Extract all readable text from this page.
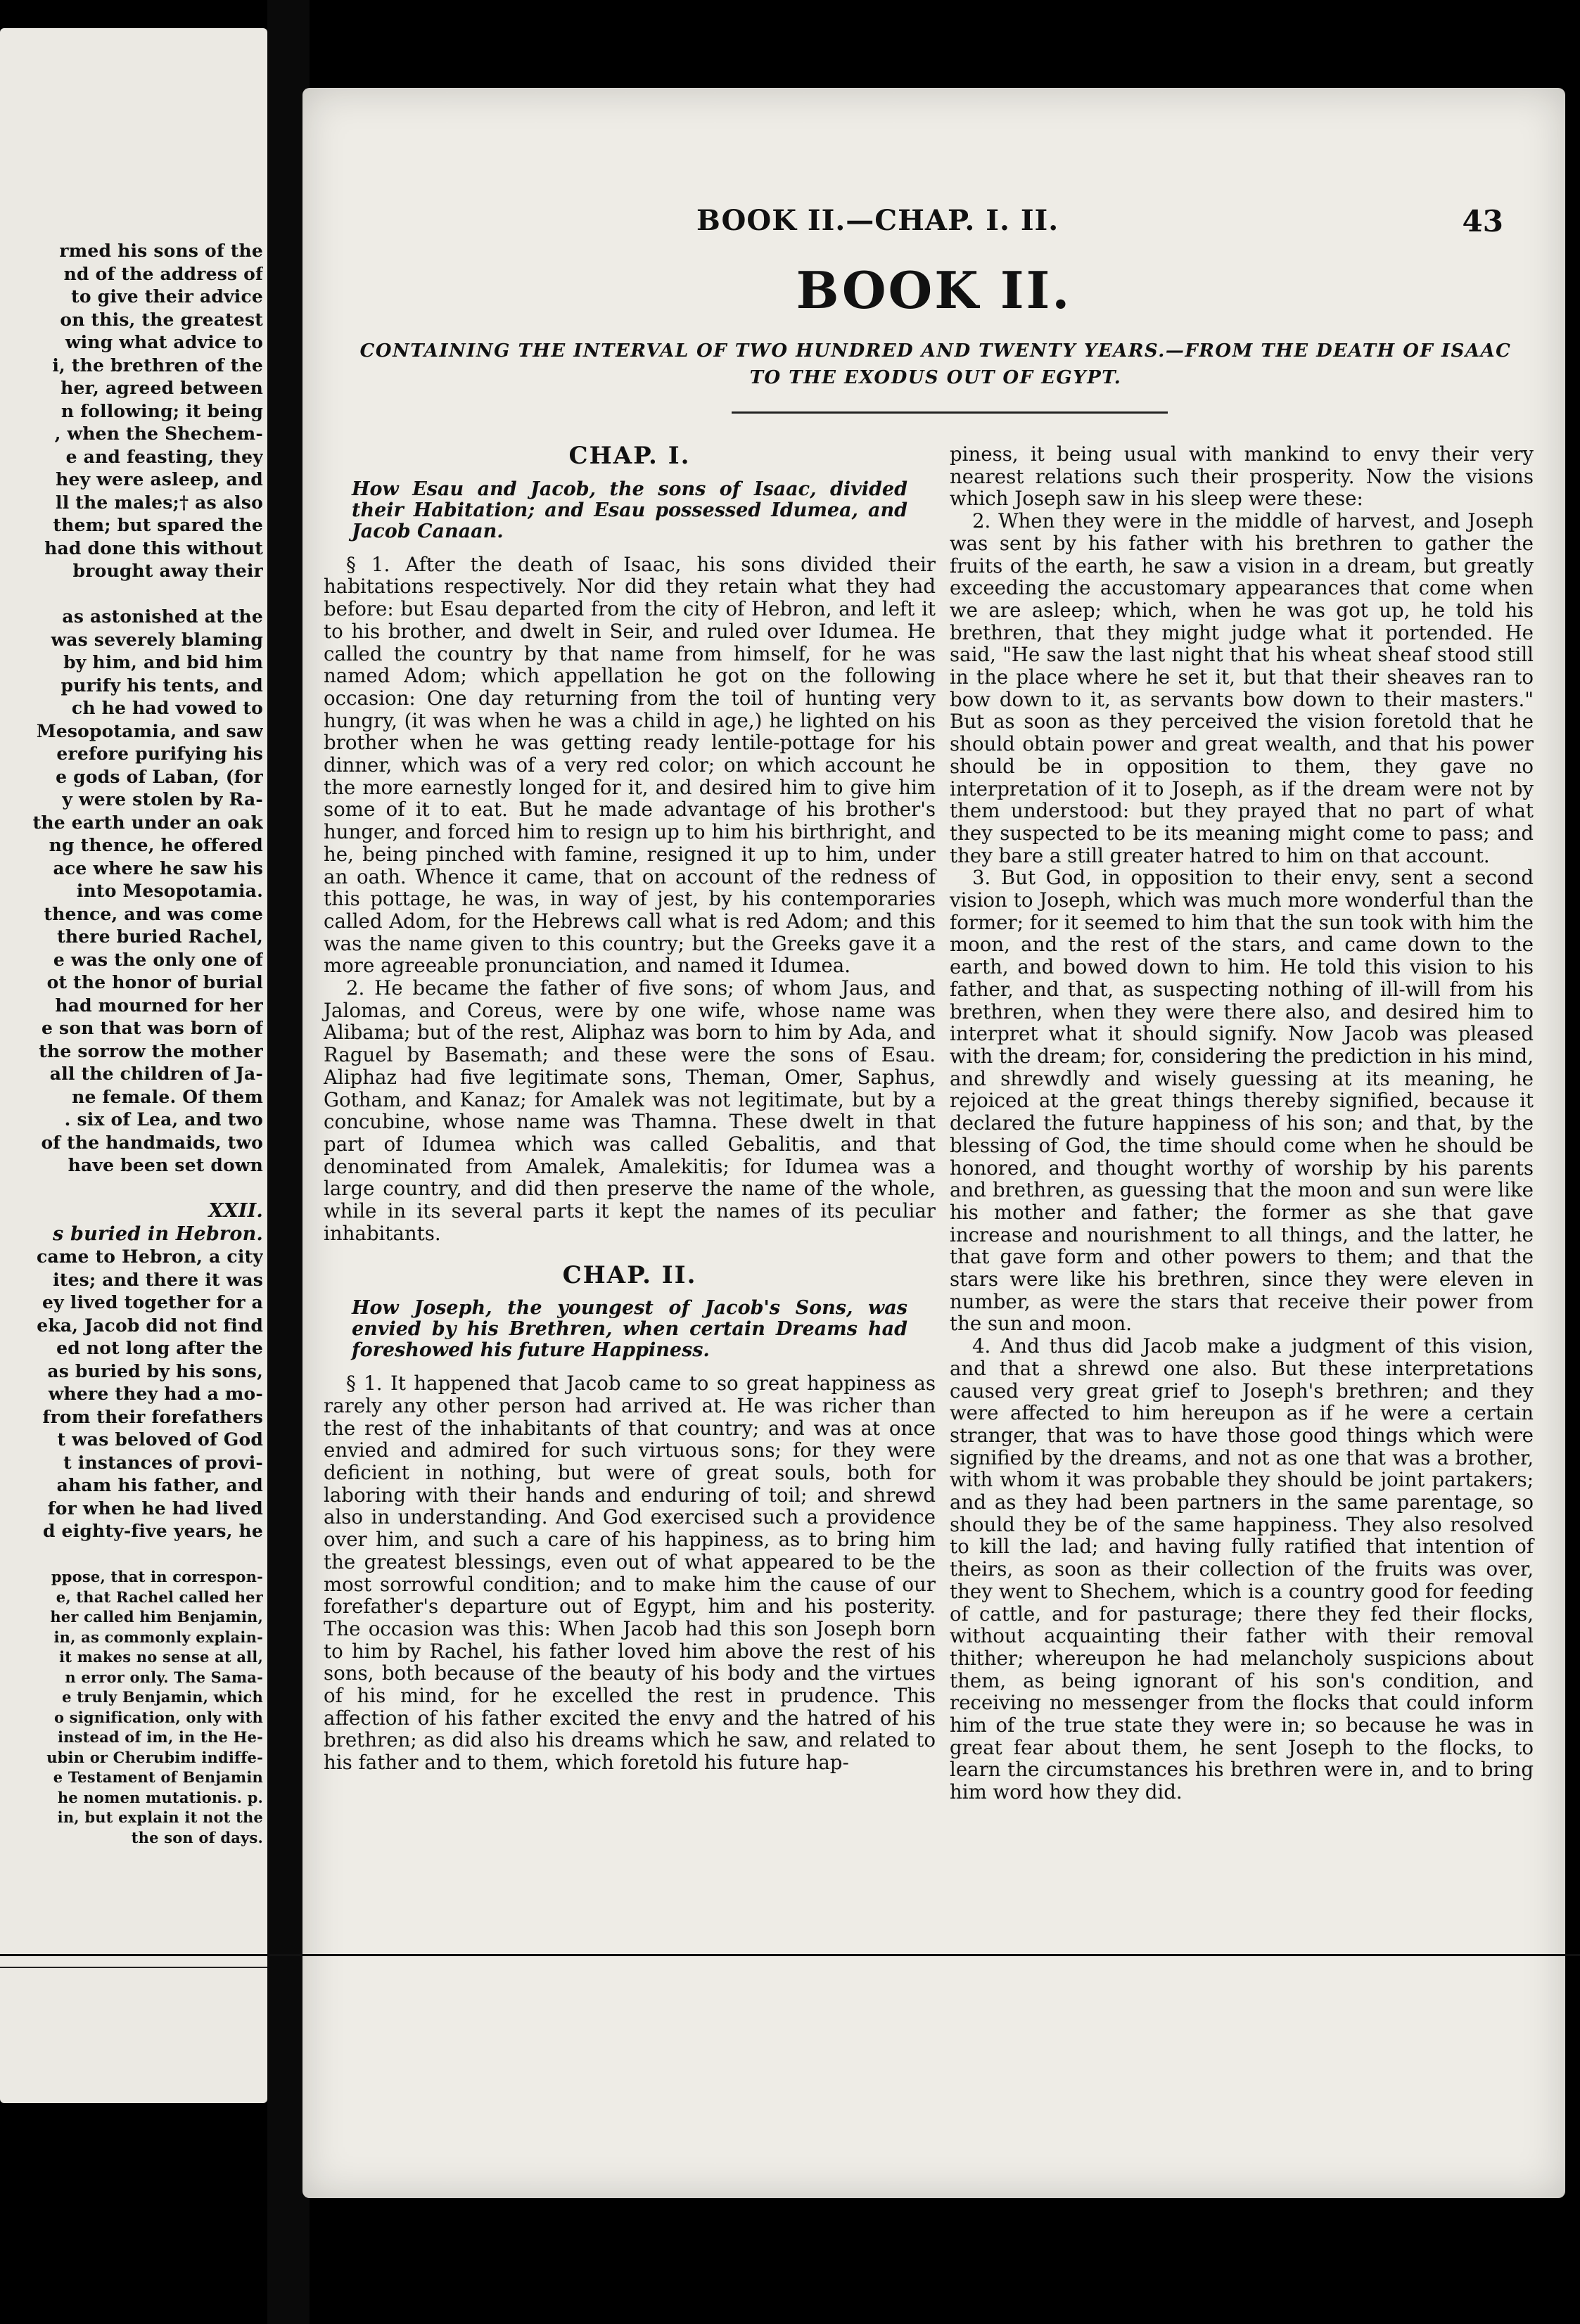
rmed his sons of the
nd of the address of
to give their advice
on this, the greatest
wing what advice to
i, the brethren of the
her, agreed between
n following; it being
, when the Shechem-
e and feasting, they
hey were asleep, and
ll the males;† as also
them; but spared the
had done this without
brought away their
as astonished at the
was severely blaming
by him, and bid him
purify his tents, and
ch he had vowed to
Mesopotamia, and saw
erefore purifying his
e gods of Laban, (for
y were stolen by Ra-
the earth under an oak
ng thence, he offered
ace where he saw his
into Mesopotamia.
thence, and was come
there buried Rachel,
e was the only one of
ot the honor of burial
had mourned for her
e son that was born of
the sorrow the mother
all the children of Ja-
ne female. Of them
. six of Lea, and two
of the handmaids, two
have been set down
XXII.
s buried in Hebron.
came to Hebron, a city
ites; and there it was
ey lived together for a
eka, Jacob did not find
ed not long after the
as buried by his sons,
where they had a mo-
from their forefathers
t was beloved of God
t instances of provi-
aham his father, and
for when he had lived
d eighty-five years, he
ppose, that in correspon-
e, that Rachel called her
her called him Benjamin,
in, as commonly explain-
it makes no sense at all,
n error only. The Sama-
e truly Benjamin, which
o signification, only with
instead of im, in the He-
ubin or Cherubim indiffe-
e Testament of Benjamin
he nomen mutationis. p.
in, but explain it not the
the son of days.
BOOK II.—CHAP. I. II.	43
BOOK II.
CONTAINING THE INTERVAL OF TWO HUNDRED AND TWENTY YEARS.—FROM THE DEATH OF ISAAC TO THE EXODUS OUT OF EGYPT.
CHAP. I.
How Esau and Jacob, the sons of Isaac, divided their Habitation; and Esau possessed Idumea, and Jacob Canaan.

§ 1. After the death of Isaac, his sons divided their habitations respectively. Nor did they retain what they had before: but Esau departed from the city of Hebron, and left it to his brother, and dwelt in Seir, and ruled over Idumea. He called the country by that name from himself, for he was named Adom; which appellation he got on the following occasion: One day returning from the toil of hunting very hungry, (it was when he was a child in age,) he lighted on his brother when he was getting ready lentile-pottage for his dinner, which was of a very red color; on which account he the more earnestly longed for it, and desired him to give him some of it to eat. But he made advantage of his brother's hunger, and forced him to resign up to him his birthright, and he, being pinched with famine, resigned it up to him, under an oath. Whence it came, that on account of the redness of this pottage, he was, in way of jest, by his contemporaries called Adom, for the Hebrews call what is red Adom; and this was the name given to this country; but the Greeks gave it a more agreeable pronunciation, and named it Idumea.

2. He became the father of five sons; of whom Jaus, and Jalomas, and Coreus, were by one wife, whose name was Alibama; but of the rest, Aliphaz was born to him by Ada, and Raguel by Basemath; and these were the sons of Esau. Aliphaz had five legitimate sons, Theman, Omer, Saphus, Gotham, and Kanaz; for Amalek was not legitimate, but by a concubine, whose name was Thamna. These dwelt in that part of Idumea which was called Gebalitis, and that denominated from Amalek, Amalekitis; for Idumea was a large country, and did then preserve the name of the whole, while in its several parts it kept the names of its peculiar inhabitants.

CHAP. II.
How Joseph, the youngest of Jacob's Sons, was envied by his Brethren, when certain Dreams had foreshowed his future Happiness.

§ 1. It happened that Jacob came to so great happiness as rarely any other person had arrived at. He was richer than the rest of the inhabitants of that country; and was at once envied and admired for such virtuous sons; for they were deficient in nothing, but were of great souls, both for laboring with their hands and enduring of toil; and shrewd also in understanding. And God exercised such a providence over him, and such a care of his happiness, as to bring him the greatest blessings, even out of what appeared to be the most sorrowful condition; and to make him the cause of our forefather's departure out of Egypt, him and his posterity. The occasion was this: When Jacob had this son Joseph born to him by Rachel, his father loved him above the rest of his sons, both because of the beauty of his body and the virtues of his mind, for he excelled the rest in prudence. This affection of his father excited the envy and the hatred of his brethren; as did also his dreams which he saw, and related to his father and to them, which foretold his future hap-

piness, it being usual with mankind to envy their very nearest relations such their prosperity. Now the visions which Joseph saw in his sleep were these:

2. When they were in the middle of harvest, and Joseph was sent by his father with his brethren to gather the fruits of the earth, he saw a vision in a dream, but greatly exceeding the accustomary appearances that come when we are asleep; which, when he was got up, he told his brethren, that they might judge what it portended. He said, "He saw the last night that his wheat sheaf stood still in the place where he set it, but that their sheaves ran to bow down to it, as servants bow down to their masters." But as soon as they perceived the vision foretold that he should obtain power and great wealth, and that his power should be in opposition to them, they gave no interpretation of it to Joseph, as if the dream were not by them understood: but they prayed that no part of what they suspected to be its meaning might come to pass; and they bare a still greater hatred to him on that account.

3. But God, in opposition to their envy, sent a second vision to Joseph, which was much more wonderful than the former; for it seemed to him that the sun took with him the moon, and the rest of the stars, and came down to the earth, and bowed down to him. He told this vision to his father, and that, as suspecting nothing of ill-will from his brethren, when they were there also, and desired him to interpret what it should signify. Now Jacob was pleased with the dream; for, considering the prediction in his mind, and shrewdly and wisely guessing at its meaning, he rejoiced at the great things thereby signified, because it declared the future happiness of his son; and that, by the blessing of God, the time should come when he should be honored, and thought worthy of worship by his parents and brethren, as guessing that the moon and sun were like his mother and father; the former as she that gave increase and nourishment to all things, and the latter, he that gave form and other powers to them; and that the stars were like his brethren, since they were eleven in number, as were the stars that receive their power from the sun and moon.

4. And thus did Jacob make a judgment of this vision, and that a shrewd one also. But these interpretations caused very great grief to Joseph's brethren; and they were affected to him hereupon as if he were a certain stranger, that was to have those good things which were signified by the dreams, and not as one that was a brother, with whom it was probable they should be joint partakers; and as they had been partners in the same parentage, so should they be of the same happiness. They also resolved to kill the lad; and having fully ratified that intention of theirs, as soon as their collection of the fruits was over, they went to Shechem, which is a country good for feeding of cattle, and for pasturage; there they fed their flocks, without acquainting their father with their removal thither; whereupon he had melancholy suspicions about them, as being ignorant of his son's condition, and receiving no messenger from the flocks that could inform him of the true state they were in; so because he was in great fear about them, he sent Joseph to the flocks, to learn the circumstances his brethren were in, and to bring him word how they did.
